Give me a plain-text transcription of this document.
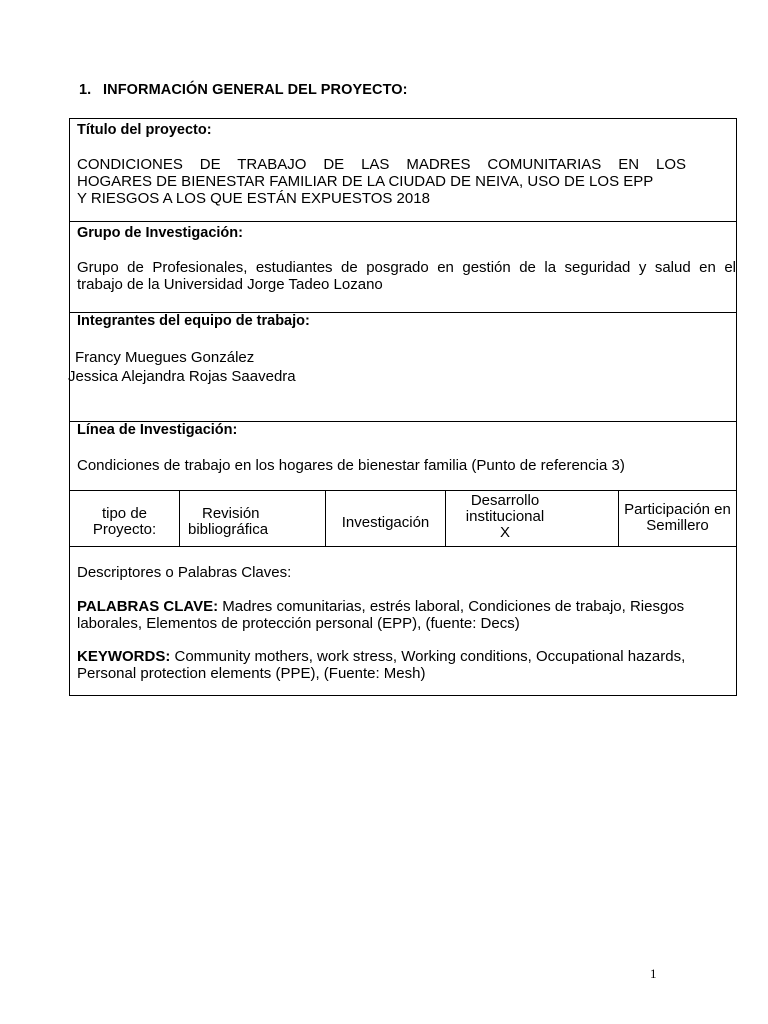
1. INFORMACIÓN GENERAL DEL PROYECTO:
Título del proyecto:
CONDICIONES DE TRABAJO DE LAS MADRES COMUNITARIAS EN LOS
HOGARES DE BIENESTAR FAMILIAR DE LA CIUDAD DE NEIVA, USO DE LOS EPP
Y RIESGOS A LOS QUE ESTÁN EXPUESTOS 2018
Grupo de Investigación:
Grupo de Profesionales, estudiantes de posgrado en gestión de la seguridad y salud en el
trabajo de la Universidad Jorge Tadeo Lozano
Integrantes del equipo de trabajo:
Francy Muegues González
Jessica Alejandra Rojas Saavedra
Línea de Investigación:
Condiciones de trabajo en los hogares de bienestar familia (Punto de referencia 3)
tipo de
Proyecto:
Revisión
bibliográfica	Investigación
Desarrollo
institucional
X
Participación en
Semillero
Descriptores o Palabras Claves:
PALABRAS CLAVE: Madres comunitarias, estrés laboral, Condiciones de trabajo, Riesgos
laborales, Elementos de protección personal (EPP), (fuente: Decs)
KEYWORDS: Community mothers, work stress, Working conditions, Occupational hazards,
Personal protection elements (PPE), (Fuente: Mesh)
1
